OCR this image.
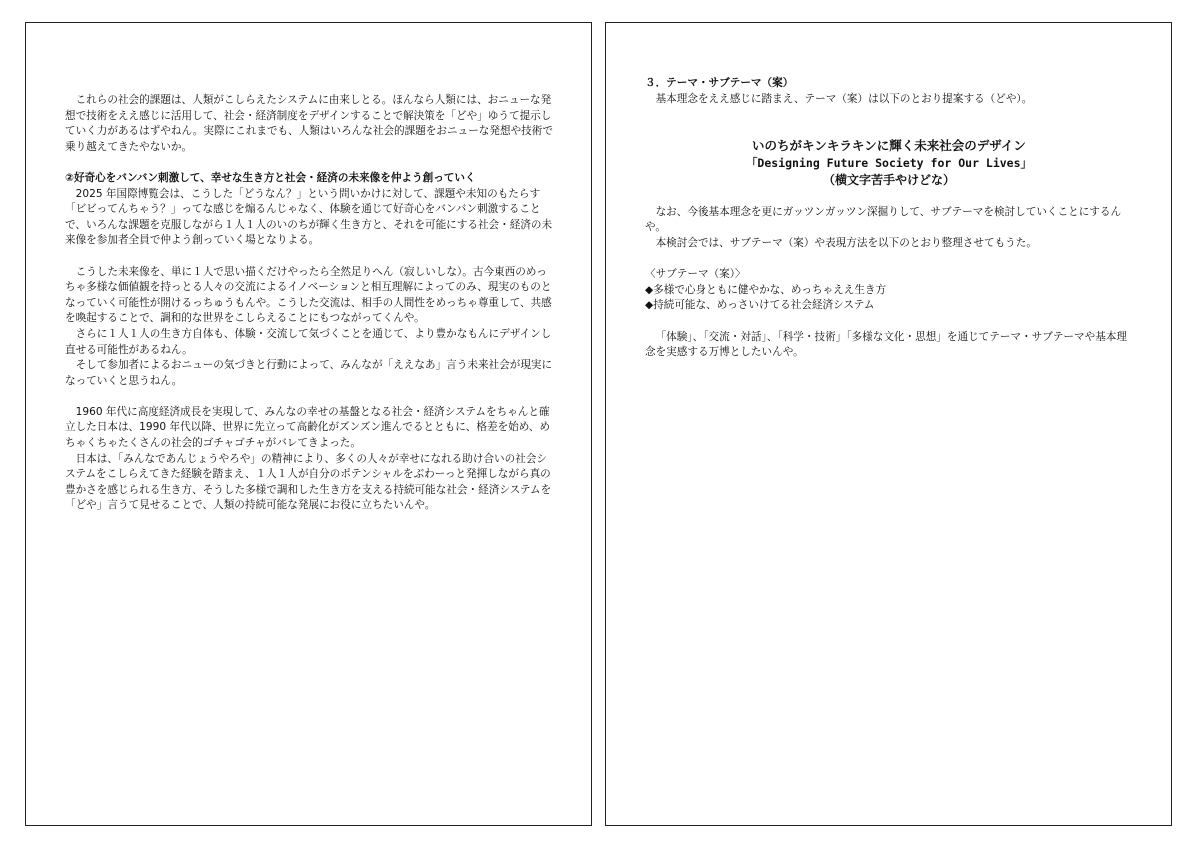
これらの社会的課題は、人類がこしらえたシステムに由来しとる。ほんなら人類には、おニューな発想で技術をええ感じに活用して、社会・経済制度をデザインすることで解決策を「どや」ゆうて提示していく力があるはずやねん。実際にこれまでも、人類はいろんな社会的課題をおニューな発想や技術で乗り越えてきたやないか。

②好奇心をバンバン刺激して、幸せな生き方と社会・経済の未来像を仲よう創っていく

2025 年国際博覧会は、こうした「どうなん？」という問いかけに対して、課題や未知のもたらす「ビビってんちゃう？」ってな感じを煽るんじゃなく、体験を通じて好奇心をバンバン刺激することで、いろんな課題を克服しながら１人１人のいのちが輝く生き方と、それを可能にする社会・経済の未来像を参加者全員で仲よう創っていく場となりよる。

こうした未来像を、単に１人で思い描くだけやったら全然足りへん（寂しいしな）。古今東西のめっちゃ多様な価値観を持っとる人々の交流によるイノベーションと相互理解によってのみ、現実のものとなっていく可能性が開けるっちゅうもんや。こうした交流は、相手の人間性をめっちゃ尊重して、共感を喚起することで、調和的な世界をこしらえることにもつながってくんや。

さらに１人１人の生き方自体も、体験・交流して気づくことを通じて、より豊かなもんにデザインし直せる可能性があるねん。

そして参加者によるおニューの気づきと行動によって、みんなが「ええなあ」言う未来社会が現実になっていくと思うねん。

1960 年代に高度経済成長を実現して、みんなの幸せの基盤となる社会・経済システムをちゃんと確立した日本は、1990 年代以降、世界に先立って高齢化がズンズン進んでるとともに、格差を始め、めちゃくちゃたくさんの社会的ゴチャゴチャがバレてきよった。

日本は、「みんなであんじょうやろや」の精神により、多くの人々が幸せになれる助け合いの社会システムをこしらえてきた経験を踏まえ、１人１人が自分のポテンシャルをぶわーっと発揮しながら真の豊かさを感じられる生き方、そうした多様で調和した生き方を支える持続可能な社会・経済システムを「どや」言うて見せることで、人類の持続可能な発展にお役に立ちたいんや。

３．テーマ・サブテーマ（案）

基本理念をええ感じに踏まえ、テーマ（案）は以下のとおり提案する（どや）。

いのちがキンキラキンに輝く未来社会のデザイン
「Designing Future Society for Our Lives」
（横文字苦手やけどな）

なお、今後基本理念を更にガッツンガッツン深掘りして、サブテーマを検討していくことにするんや。

本検討会では、サブテーマ（案）や表現方法を以下のとおり整理させてもうた。

〈サブテーマ（案）〉
◆多様で心身ともに健やかな、めっちゃええ生き方
◆持続可能な、めっさいけてる社会経済システム

「体験」、「交流・対話」、「科学・技術」「多様な文化・思想」を通じてテーマ・サブテーマや基本理念を実感する万博としたいんや。
